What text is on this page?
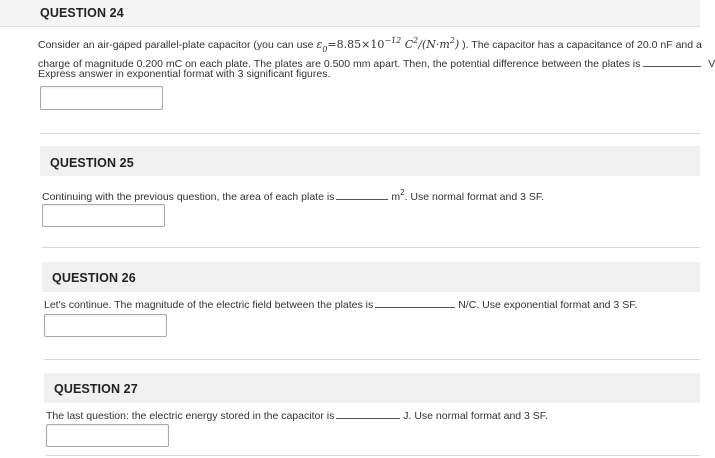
QUESTION 24
Consider an air-gaped parallel-plate capacitor (you can use $\varepsilon_0=8.85\times 10^{-12}$ $C^2/(N\cdot m^2)$ ). The capacitor has a capacitance of 20.0 nF and a
charge of magnitude 0.200 mC on each plate. The plates are 0.500 mm apart. Then, the potential difference between the plates is	V
Express answer in exponential format with 3 significant figures.
QUESTION 25
Continuing with the previous question, the area of each plate is	$m^2$. Use normal format and 3 SF.
QUESTION 26
Let's continue. The magnitude of the electric field between the plates is	N/C. Use exponential format and 3 SF.
QUESTION 27
The last question: the electric energy stored in the capacitor is	J. Use normal format and 3 SF.
